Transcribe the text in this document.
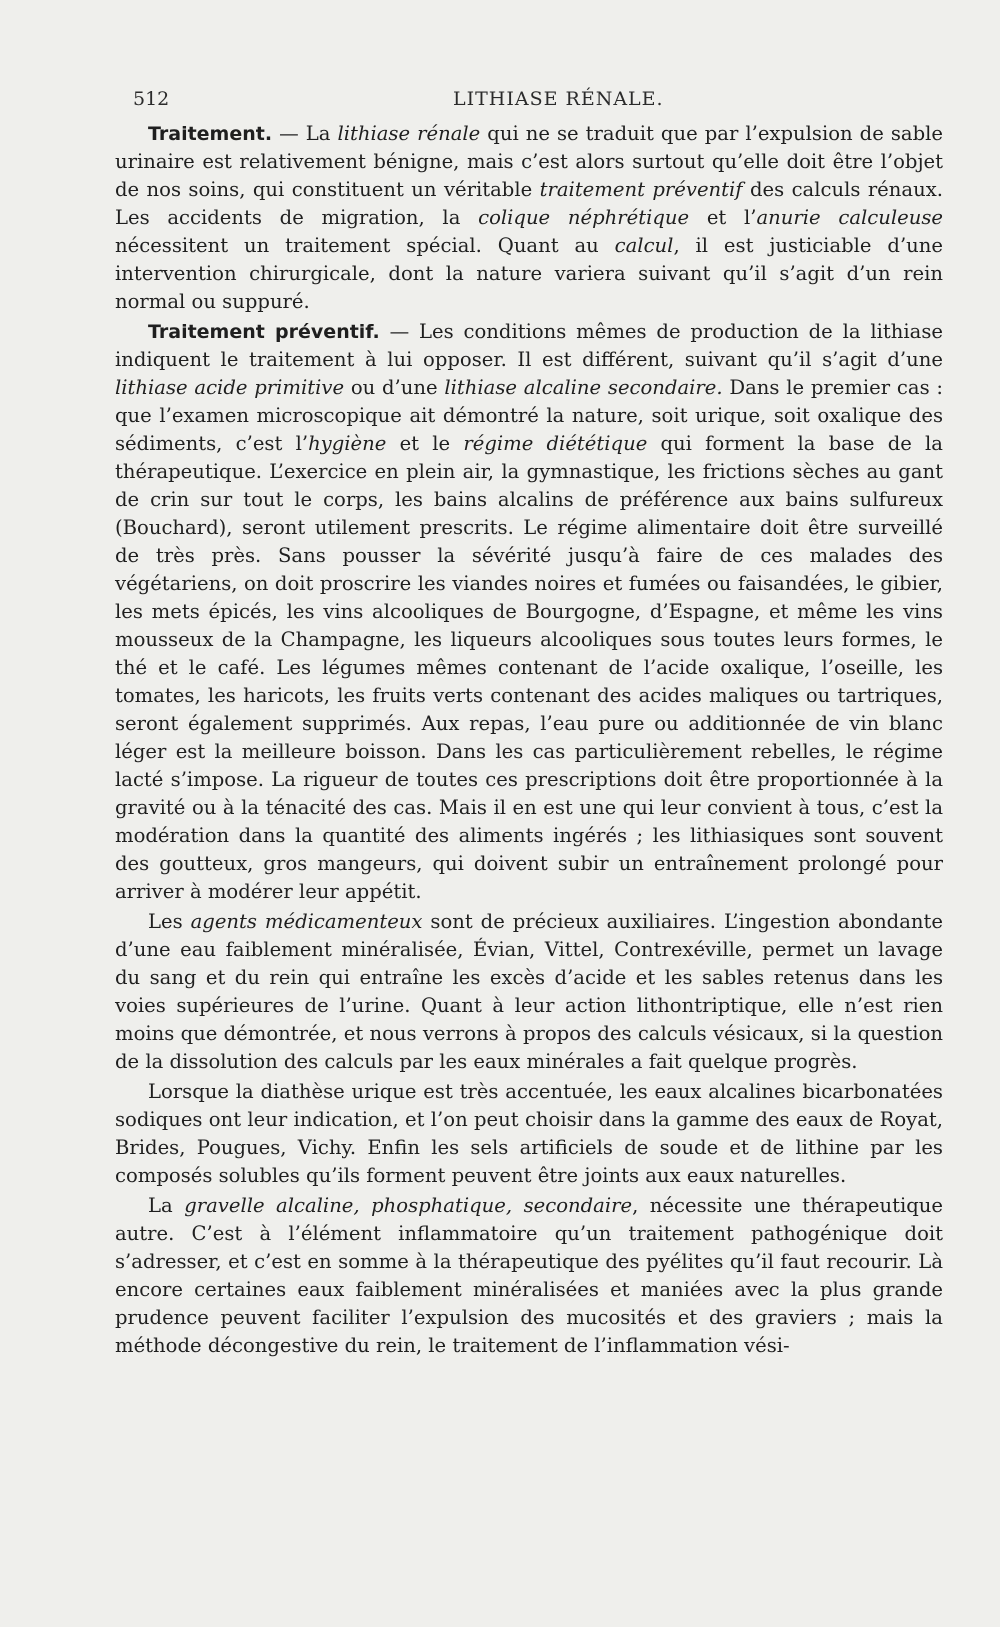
512	LITHIASE RÉNALE.

Traitement. — La lithiase rénale qui ne se traduit que par l’expulsion de sable urinaire est relativement bénigne, mais c’est alors surtout qu’elle doit être l’objet de nos soins, qui constituent un véritable traitement préventif des calculs rénaux. Les accidents de migration, la colique néphrétique et l’anurie calculeuse nécessitent un traitement spécial. Quant au calcul, il est justiciable d’une intervention chirurgicale, dont la nature variera suivant qu’il s’agit d’un rein normal ou suppuré.

Traitement préventif. — Les conditions mêmes de production de la lithiase indiquent le traitement à lui opposer. Il est différent, suivant qu’il s’agit d’une lithiase acide primitive ou d’une lithiase alcaline secondaire. Dans le premier cas : que l’examen microscopique ait démontré la nature, soit urique, soit oxalique des sédiments, c’est l’hygiène et le régime diététique qui forment la base de la thérapeutique. L’exercice en plein air, la gymnastique, les frictions sèches au gant de crin sur tout le corps, les bains alcalins de préférence aux bains sulfureux (Bouchard), seront utilement prescrits. Le régime alimentaire doit être surveillé de très près. Sans pousser la sévérité jusqu’à faire de ces malades des végétariens, on doit proscrire les viandes noires et fumées ou faisandées, le gibier, les mets épicés, les vins alcooliques de Bourgogne, d’Espagne, et même les vins mousseux de la Champagne, les liqueurs alcooliques sous toutes leurs formes, le thé et le café. Les légumes mêmes contenant de l’acide oxalique, l’oseille, les tomates, les haricots, les fruits verts contenant des acides maliques ou tartriques, seront également supprimés. Aux repas, l’eau pure ou additionnée de vin blanc léger est la meilleure boisson. Dans les cas particulièrement rebelles, le régime lacté s’impose. La rigueur de toutes ces prescriptions doit être proportionnée à la gravité ou à la ténacité des cas. Mais il en est une qui leur convient à tous, c’est la modération dans la quantité des aliments ingérés ; les lithiasiques sont souvent des goutteux, gros mangeurs, qui doivent subir un entraînement prolongé pour arriver à modérer leur appétit.

Les agents médicamenteux sont de précieux auxiliaires. L’ingestion abondante d’une eau faiblement minéralisée, Évian, Vittel, Contrexéville, permet un lavage du sang et du rein qui entraîne les excès d’acide et les sables retenus dans les voies supérieures de l’urine. Quant à leur action lithontriptique, elle n’est rien moins que démontrée, et nous verrons à propos des calculs vésicaux, si la question de la dissolution des calculs par les eaux minérales a fait quelque progrès.

Lorsque la diathèse urique est très accentuée, les eaux alcalines bicarbonatées sodiques ont leur indication, et l’on peut choisir dans la gamme des eaux de Royat, Brides, Pougues, Vichy. Enfin les sels artificiels de soude et de lithine par les composés solubles qu’ils forment peuvent être joints aux eaux naturelles.

La gravelle alcaline, phosphatique, secondaire, nécessite une thérapeutique autre. C’est à l’élément inflammatoire qu’un traitement pathogénique doit s’adresser, et c’est en somme à la thérapeutique des pyélites qu’il faut recourir. Là encore certaines eaux faiblement minéralisées et maniées avec la plus grande prudence peuvent faciliter l’expulsion des mucosités et des graviers ; mais la méthode décongestive du rein, le traitement de l’inflammation vési-
